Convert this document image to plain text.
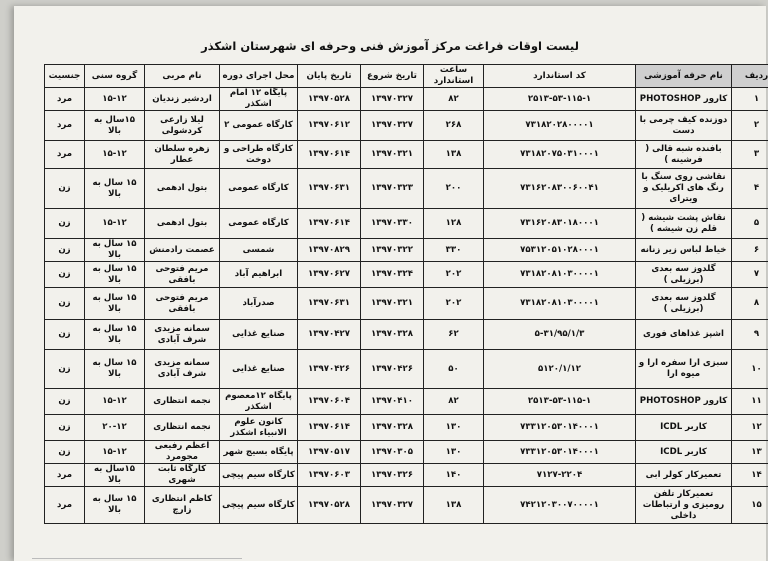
لیست اوقات فراغت مرکز آموزش فنی وحرفه ای شهرستان اشکذر
ردیف	نام حرفه آموزشی	کد استاندارد	ساعت استاندارد	تاریخ شروع	تاریخ پایان	محل اجرای دوره	نام مربی	گروه سنی	جنسیت
۱	کارور PHOTOSHOP	۲۵۱۳-۵۳-۱۱۵-۱	۸۲	۱۳۹۷۰۳۲۷	۱۳۹۷۰۵۲۸	پایگاه ۱۲ امام اشکذر	اردشیر زندیان	۱۵-۱۲	مرد
۲	دوزنده کیف چرمی با دست	۷۳۱۸۲۰۲۸۰۰۰۰۱	۲۶۸	۱۳۹۷۰۳۲۷	۱۳۹۷۰۶۱۲	کارگاه عمومی ۲	لیلا زارعی کردشولی	۱۵سال به بالا	مرد
۳	بافنده شبه قالی ( فرشینه )	۷۳۱۸۲۰۷۵۰۳۱۰۰۰۱	۱۳۸	۱۳۹۷۰۳۲۱	۱۳۹۷۰۶۱۴	کارگاه طراحی و دوخت	زهره سلطان عطار	۱۵-۱۲	مرد
۴	نقاشی روی سنگ با رنگ های اکریلیک و ویترای	۷۳۱۶۲۰۸۳۰۰۶۰۰۴۱	۲۰۰	۱۳۹۷۰۳۲۳	۱۳۹۷۰۶۳۱	کارگاه عمومی	بتول ادهمی	۱۵ سال به بالا	زن
۵	نقاش پشت شیشه ( قلم زن شیشه )	۷۳۱۶۲۰۸۳۰۱۸۰۰۰۱	۱۲۸	۱۳۹۷۰۳۳۰	۱۳۹۷۰۶۱۴	کارگاه عمومی	بتول ادهمی	۱۵-۱۲	زن
۶	خیاط لباس زیر زنانه	۷۵۳۱۲۰۵۱۰۲۸۰۰۰۱	۳۳۰	۱۳۹۷۰۳۲۲	۱۳۹۷۰۸۲۹	شمسی	عصمت رادمنش	۱۵ سال به بالا	زن
۷	گلدوز سه بعدی (برزیلی )	۷۳۱۸۲۰۸۱۰۳۰۰۰۰۱	۲۰۲	۱۳۹۷۰۳۲۴	۱۳۹۷۰۶۲۷	ابراهیم آباد	مریم فتوحی بافقی	۱۵ سال به بالا	زن
۸	گلدوز سه بعدی (برزیلی )	۷۳۱۸۲۰۸۱۰۳۰۰۰۰۱	۲۰۲	۱۳۹۷۰۳۲۱	۱۳۹۷۰۶۳۱	صدرآباد	مریم فتوحی بافقی	۱۵ سال به بالا	زن
۹	اشپز غذاهای فوری	۵-۳۱/۹۵/۱/۳	۶۲	۱۳۹۷۰۳۲۸	۱۳۹۷۰۴۲۷	صنایع غذایی	سمانه مزیدی شرف آبادی	۱۵ سال به بالا	زن
۱۰	سبزی ارا سفره ارا و میوه ارا	۵۱۲۰/۱/۱۲	۵۰	۱۳۹۷۰۴۲۶	۱۳۹۷۰۴۲۶	صنایع غذایی	سمانه مزیدی شرف آبادی	۱۵ سال به بالا	زن
۱۱	کارور PHOTOSHOP	۲۵۱۳-۵۳-۱۱۵-۱	۸۲	۱۳۹۷۰۴۱۰	۱۳۹۷۰۶۰۴	پایگاه ۱۲معصوم اشکذر	نجمه انتظاری	۱۵-۱۲	زن
۱۲	کاربر ICDL	۷۳۳۱۲۰۵۳۰۱۴۰۰۰۱	۱۳۰	۱۳۹۷۰۳۲۸	۱۳۹۷۰۶۱۴	کانون علوم الانبیاء اشکذر	نجمه انتظاری	۲۰-۱۲	زن
۱۳	کاربر ICDL	۷۳۳۱۲۰۵۳۰۱۴۰۰۰۱	۱۳۰	۱۳۹۷۰۳۰۵	۱۳۹۷۰۵۱۷	پایگاه بسیج شهر	اعظم رفیعی مجومرد	۱۵-۱۲	زن
۱۴	تعمیرکار کولر ابی	۷۱۲۷-۲۲۰۴	۱۴۰	۱۳۹۷۰۳۲۶	۱۳۹۷۰۶۰۳	کارگاه سیم پیچی	کارگاه ثابت شهری	۱۵سال به بالا	مرد
۱۵	تعمیرکار تلفن رومیزی و ارتباطات داخلی	۷۴۲۱۲۰۳۰۰۷۰۰۰۰۱	۱۳۸	۱۳۹۷۰۳۲۷	۱۳۹۷۰۵۲۸	کارگاه سیم پیچی	کاظم انتظاری زارچ	۱۵ سال به بالا	مرد
